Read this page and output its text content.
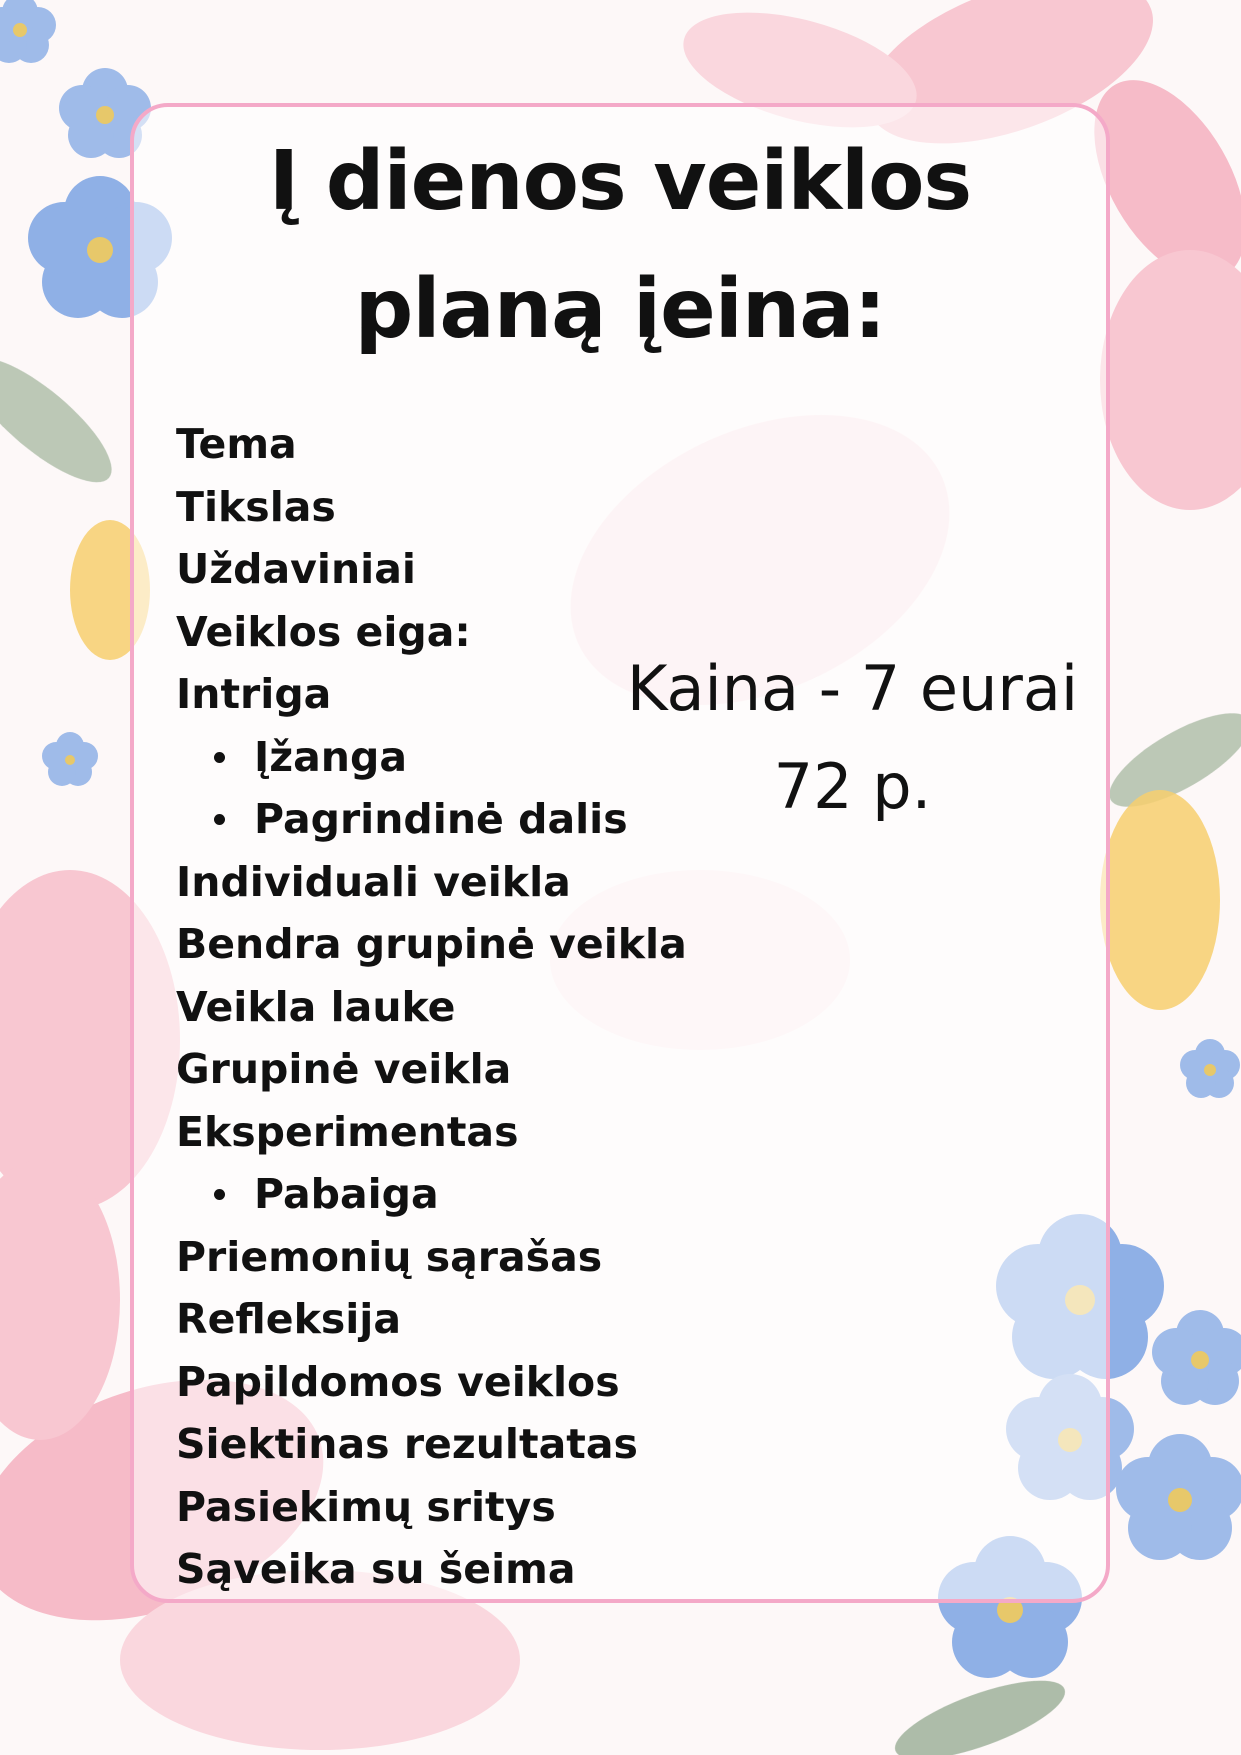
Į dienos veiklos
planą įeina:
Tema
Tikslas
Uždaviniai
Veiklos eiga:
Intriga
Įžanga
Pagrindinė dalis
Individuali veikla
Bendra grupinė veikla
Veikla lauke
Grupinė veikla
Eksperimentas
Pabaiga
Priemonių sąrašas
Refleksija
Papildomos veiklos
Siektinas rezultatas
Pasiekimų sritys
Sąveika su šeima
Kaina - 7 eurai
72 p.
